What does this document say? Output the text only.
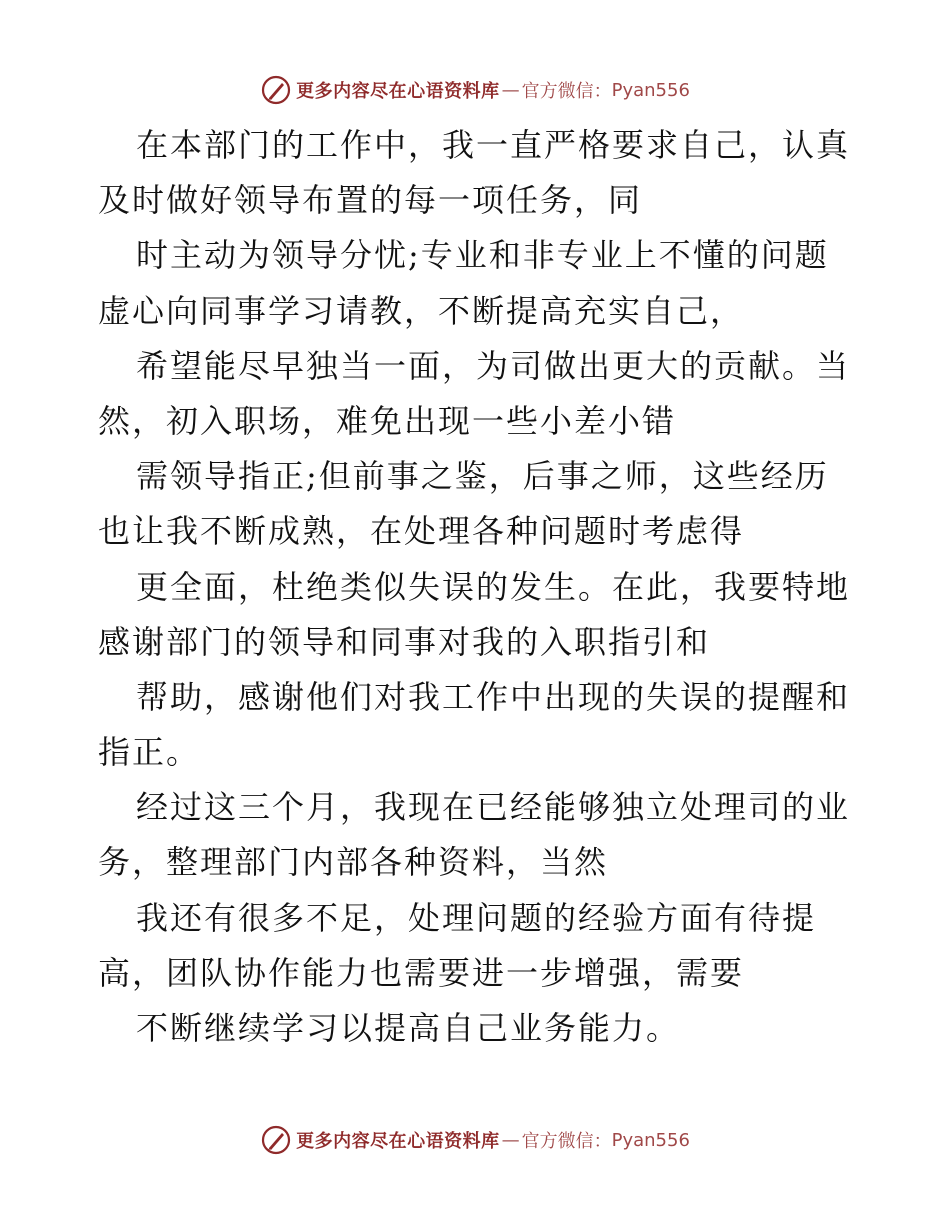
更多内容尽在心语资料库 — 官方微信： Pyan556
在本部门的工作中，我一直严格要求自己，认真
及时做好领导布置的每一项任务，同
时主动为领导分忧;专业和非专业上不懂的问题
虚心向同事学习请教，不断提高充实自己，
希望能尽早独当一面，为司做出更大的贡献。当
然，初入职场，难免出现一些小差小错
需领导指正;但前事之鉴，后事之师，这些经历
也让我不断成熟，在处理各种问题时考虑得
更全面，杜绝类似失误的发生。在此，我要特地
感谢部门的领导和同事对我的入职指引和
帮助，感谢他们对我工作中出现的失误的提醒和
指正。
经过这三个月，我现在已经能够独立处理司的业
务，整理部门内部各种资料，当然
我还有很多不足，处理问题的经验方面有待提
高，团队协作能力也需要进一步增强，需要
不断继续学习以提高自己业务能力。
更多内容尽在心语资料库 — 官方微信： Pyan556
